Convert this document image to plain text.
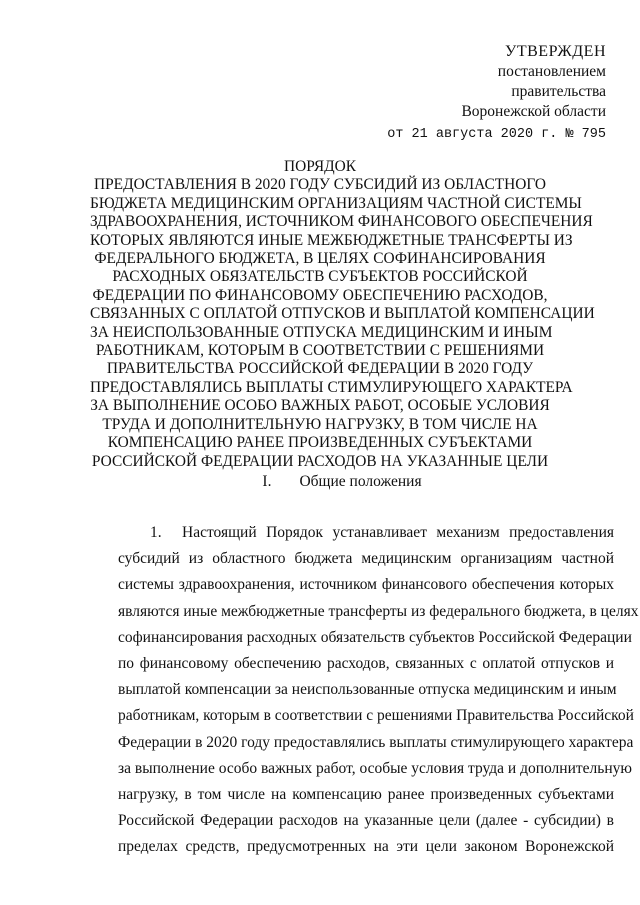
УТВЕРЖДЕН
постановлением
правительства
Воронежской области
от 21 августа 2020 г. № 795
ПОРЯДОК
ПРЕДОСТАВЛЕНИЯ В 2020 ГОДУ СУБСИДИЙ ИЗ ОБЛАСТНОГО
БЮДЖЕТА МЕДИЦИНСКИМ ОРГАНИЗАЦИЯМ ЧАСТНОЙ СИСТЕМЫ
ЗДРАВООХРАНЕНИЯ, ИСТОЧНИКОМ ФИНАНСОВОГО ОБЕСПЕЧЕНИЯ
КОТОРЫХ ЯВЛЯЮТСЯ ИНЫЕ МЕЖБЮДЖЕТНЫЕ ТРАНСФЕРТЫ ИЗ
ФЕДЕРАЛЬНОГО БЮДЖЕТА, В ЦЕЛЯХ СОФИНАНСИРОВАНИЯ
РАСХОДНЫХ ОБЯЗАТЕЛЬСТВ СУБЪЕКТОВ РОССИЙСКОЙ
ФЕДЕРАЦИИ ПО ФИНАНСОВОМУ ОБЕСПЕЧЕНИЮ РАСХОДОВ,
СВЯЗАННЫХ С ОПЛАТОЙ ОТПУСКОВ И ВЫПЛАТОЙ КОМПЕНСАЦИИ
ЗА НЕИСПОЛЬЗОВАННЫЕ ОТПУСКА МЕДИЦИНСКИМ И ИНЫМ
РАБОТНИКАМ, КОТОРЫМ В СООТВЕТСТВИИ С РЕШЕНИЯМИ
ПРАВИТЕЛЬСТВА РОССИЙСКОЙ ФЕДЕРАЦИИ В 2020 ГОДУ
ПРЕДОСТАВЛЯЛИСЬ ВЫПЛАТЫ СТИМУЛИРУЮЩЕГО ХАРАКТЕРА
ЗА ВЫПОЛНЕНИЕ ОСОБО ВАЖНЫХ РАБОТ, ОСОБЫЕ УСЛОВИЯ
ТРУДА И ДОПОЛНИТЕЛЬНУЮ НАГРУЗКУ, В ТОМ ЧИСЛЕ НА
КОМПЕНСАЦИЮ РАНЕЕ ПРОИЗВЕДЕННЫХ СУБЪЕКТАМИ
РОССИЙСКОЙ ФЕДЕРАЦИИ РАСХОДОВ НА УКАЗАННЫЕ ЦЕЛИ
I. Общие положения
1. Настоящий Порядок устанавливает механизм предоставления
субсидий из областного бюджета медицинским организациям частной
системы здравоохранения, источником финансового обеспечения которых
являются иные межбюджетные трансферты из федерального бюджета, в целях
софинансирования расходных обязательств субъектов Российской Федерации
по финансовому обеспечению расходов, связанных с оплатой отпусков и
выплатой компенсации за неиспользованные отпуска медицинским и иным
работникам, которым в соответствии с решениями Правительства Российской
Федерации в 2020 году предоставлялись выплаты стимулирующего характера
за выполнение особо важных работ, особые условия труда и дополнительную
нагрузку, в том числе на компенсацию ранее произведенных субъектами
Российской Федерации расходов на указанные цели (далее - субсидии) в
пределах средств, предусмотренных на эти цели законом Воронежской
